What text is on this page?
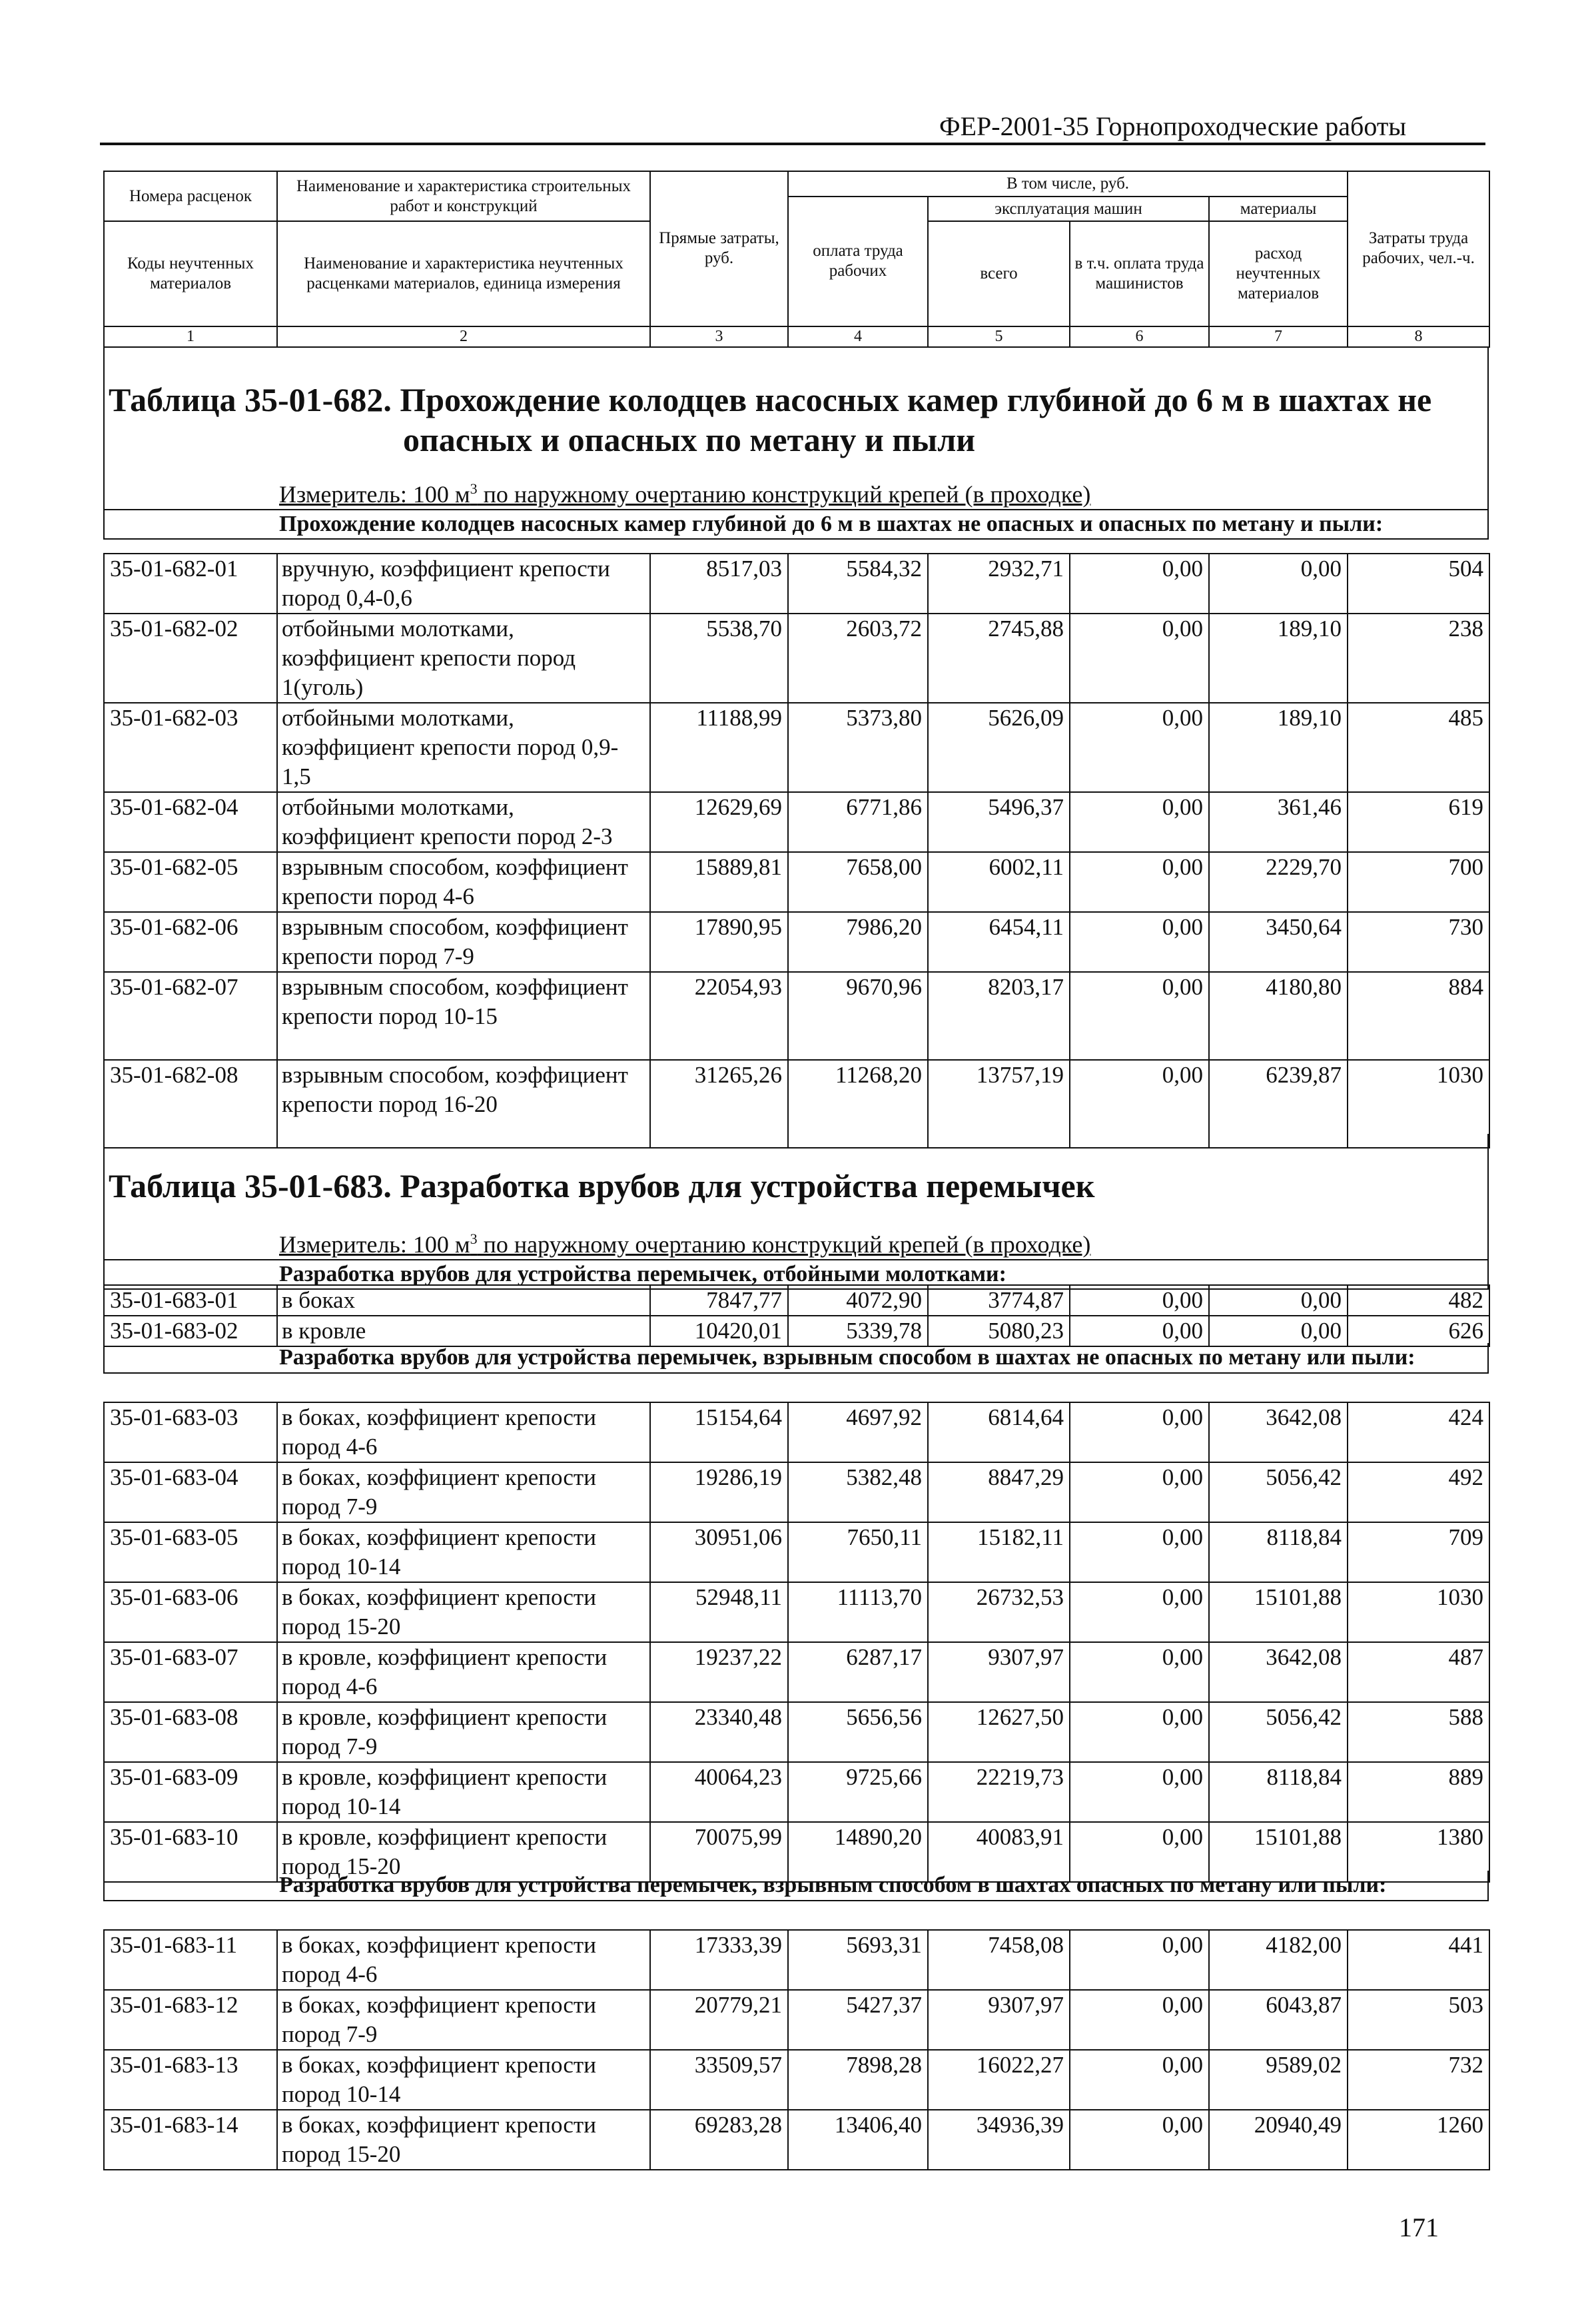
ФЕР-2001-35 Горнопроходческие работы
Номера расценок	Наименование и характеристика строительных работ и конструкций	Прямые затраты, руб.	В том числе, руб.				Затраты труда рабочих, чел.-ч.
			оплата труда рабочих	эксплуатация машин		материалы	
Коды неучтенных материалов	Наименование и характеристика неучтенных расценками материалов, единица измерения			всего	в т.ч. оплата труда машинистов	расход неучтенных материалов	

1	2	3	4	5	6	7	8
Таблица 35-01-682. Прохождение колодцев насосных камер глубиной до 6 м в шахтах не
опасных и опасных по метану и пыли
Измеритель: 100 $м^3$ по наружному очертанию конструкций крепей (в проходке)
Прохождение колодцев насосных камер глубиной до 6 м в шахтах не опасных и опасных по метану и пыли:
35-01-682-01	вручную, коэффициент крепости пород 0,4-0,6	8517,03	5584,32	2932,71	0,00	0,00	504
35-01-682-02	отбойными молотками, коэффициент крепости пород 1(уголь)	5538,70	2603,72	2745,88	0,00	189,10	238
35-01-682-03	отбойными молотками, коэффициент крепости пород 0,9-1,5	11188,99	5373,80	5626,09	0,00	189,10	485
35-01-682-04	отбойными молотками, коэффициент крепости пород 2-3	12629,69	6771,86	5496,37	0,00	361,46	619
35-01-682-05	взрывным способом, коэффициент крепости пород 4-6	15889,81	7658,00	6002,11	0,00	2229,70	700
35-01-682-06	взрывным способом, коэффициент крепости пород 7-9	17890,95	7986,20	6454,11	0,00	3450,64	730
35-01-682-07	взрывным способом, коэффициент крепости пород 10-15	22054,93	9670,96	8203,17	0,00	4180,80	884
35-01-682-08	взрывным способом, коэффициент крепости пород 16-20	31265,26	11268,20	13757,19	0,00	6239,87	1030
Таблица 35-01-683. Разработка врубов для устройства перемычек
Измеритель: 100 $м^3$ по наружному очертанию конструкций крепей (в проходке)
Разработка врубов для устройства перемычек, отбойными молотками:
35-01-683-01	в боках	7847,77	4072,90	3774,87	0,00	0,00	482
35-01-683-02	в кровле	10420,01	5339,78	5080,23	0,00	0,00	626
Разработка врубов для устройства перемычек, взрывным способом в шахтах не опасных по метану или пыли:
35-01-683-03	в боках, коэффициент крепости пород 4-6	15154,64	4697,92	6814,64	0,00	3642,08	424
35-01-683-04	в боках, коэффициент крепости пород 7-9	19286,19	5382,48	8847,29	0,00	5056,42	492
35-01-683-05	в боках, коэффициент крепости пород 10-14	30951,06	7650,11	15182,11	0,00	8118,84	709
35-01-683-06	в боках, коэффициент крепости пород 15-20	52948,11	11113,70	26732,53	0,00	15101,88	1030
35-01-683-07	в кровле, коэффициент крепости пород 4-6	19237,22	6287,17	9307,97	0,00	3642,08	487
35-01-683-08	в кровле, коэффициент крепости пород 7-9	23340,48	5656,56	12627,50	0,00	5056,42	588
35-01-683-09	в кровле, коэффициент крепости пород 10-14	40064,23	9725,66	22219,73	0,00	8118,84	889
35-01-683-10	в кровле, коэффициент крепости пород 15-20	70075,99	14890,20	40083,91	0,00	15101,88	1380
Разработка врубов для устройства перемычек, взрывным способом в шахтах опасных по метану или пыли:
35-01-683-11	в боках, коэффициент крепости пород 4-6	17333,39	5693,31	7458,08	0,00	4182,00	441
35-01-683-12	в боках, коэффициент крепости пород 7-9	20779,21	5427,37	9307,97	0,00	6043,87	503
35-01-683-13	в боках, коэффициент крепости пород 10-14	33509,57	7898,28	16022,27	0,00	9589,02	732
35-01-683-14	в боках, коэффициент крепости пород 15-20	69283,28	13406,40	34936,39	0,00	20940,49	1260
171
